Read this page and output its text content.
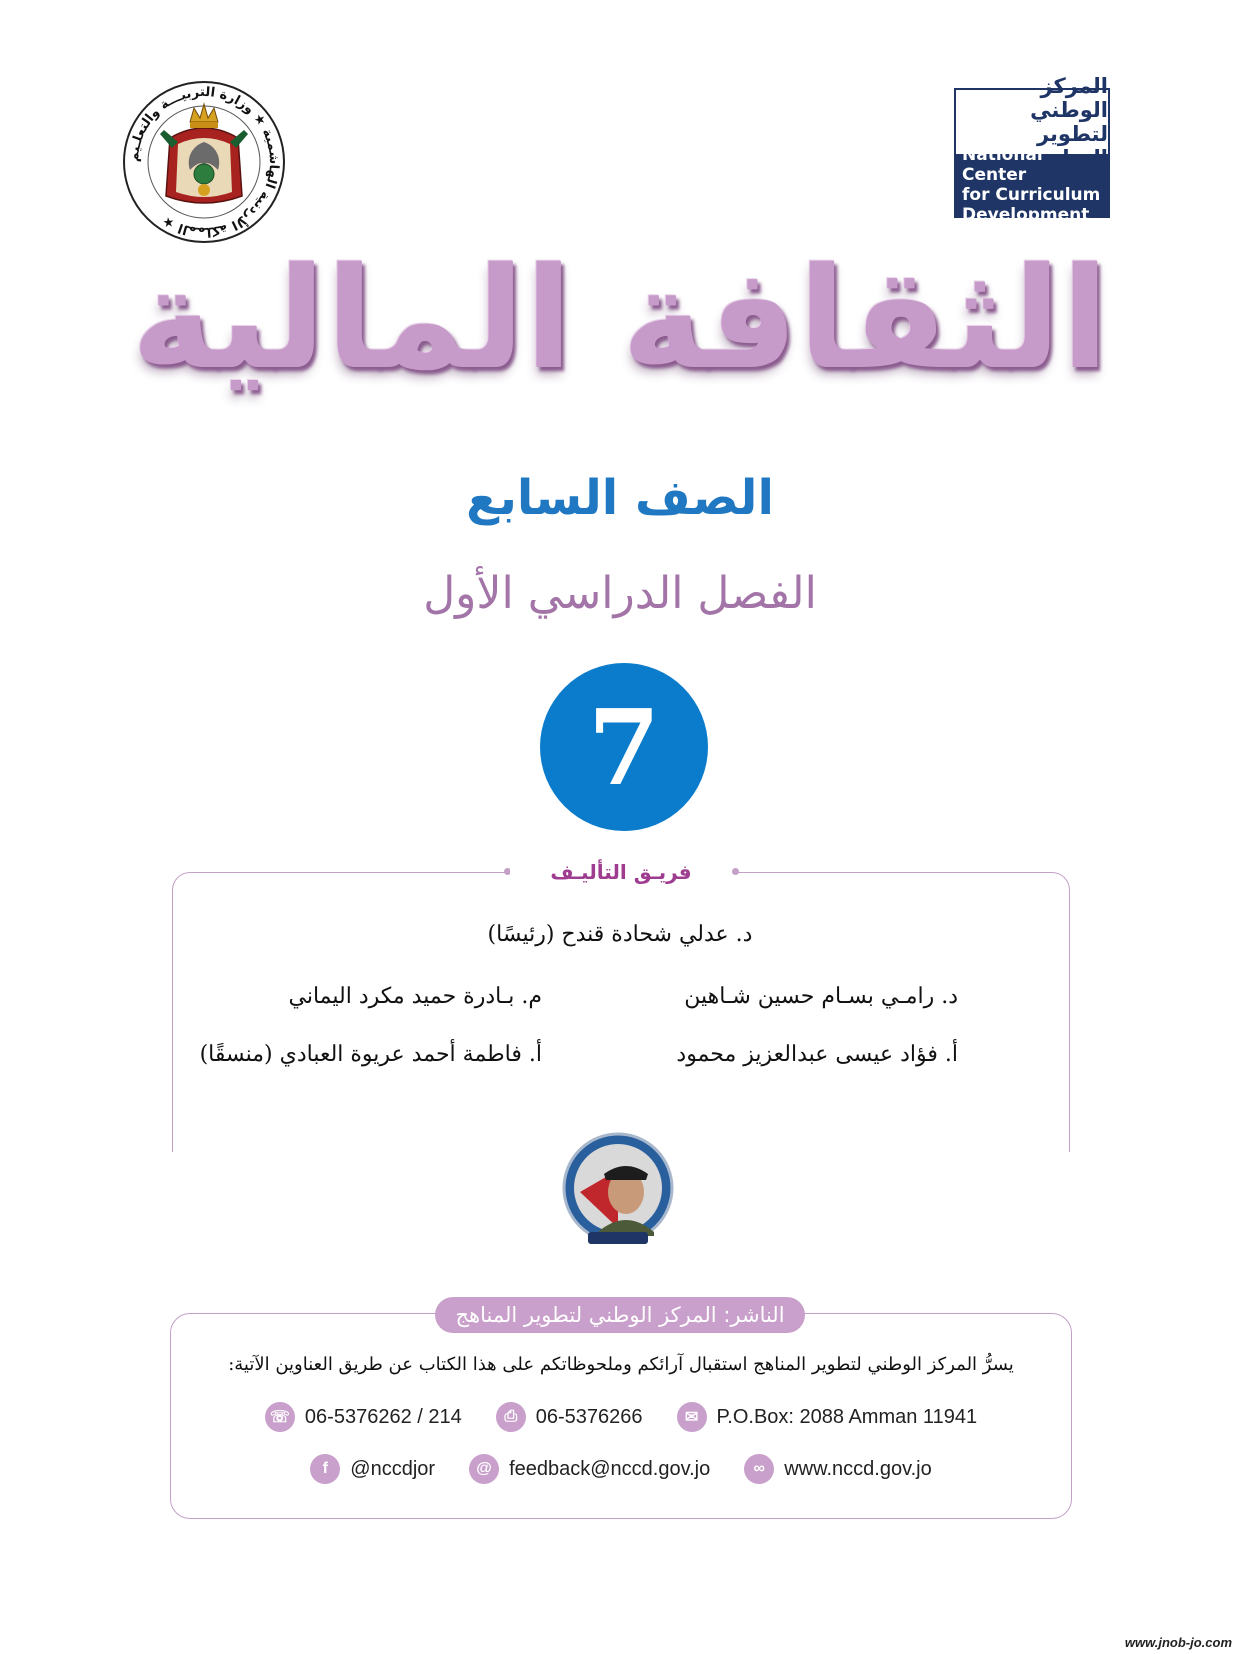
المملكة الأردنية الهاشمية ★ وزارة التربيـــة والتعلـيم ★
المركز الوطني
لتطوير المناهج
National Center
for Curriculum
Development
الثقافة المالية
الصف السابع
الفصل الدراسي الأول
7
فريـق التأليـف
د. عدلي شحادة قندح (رئيسًا)
د. رامـي بسـام حسين شـاهين
م. بـادرة حميد مكرد اليماني
أ. فؤاد عيسى عبدالعزيز محمود
أ. فاطمة أحمد عريوة العبادي (منسقًا)
الناشر: المركز الوطني لتطوير المناهج
يسرُّ المركز الوطني لتطوير المناهج استقبال آرائكم وملحوظاتكم على هذا الكتاب عن طريق العناوين الآتية:
☏ 06-5376262 / 214	⎙ 06-5376266	✉ P.O.Box: 2088 Amman 11941
f	@nccdjor	@ feedback@nccd.gov.jo	∞ www.nccd.gov.jo
www.jnob-jo.com
